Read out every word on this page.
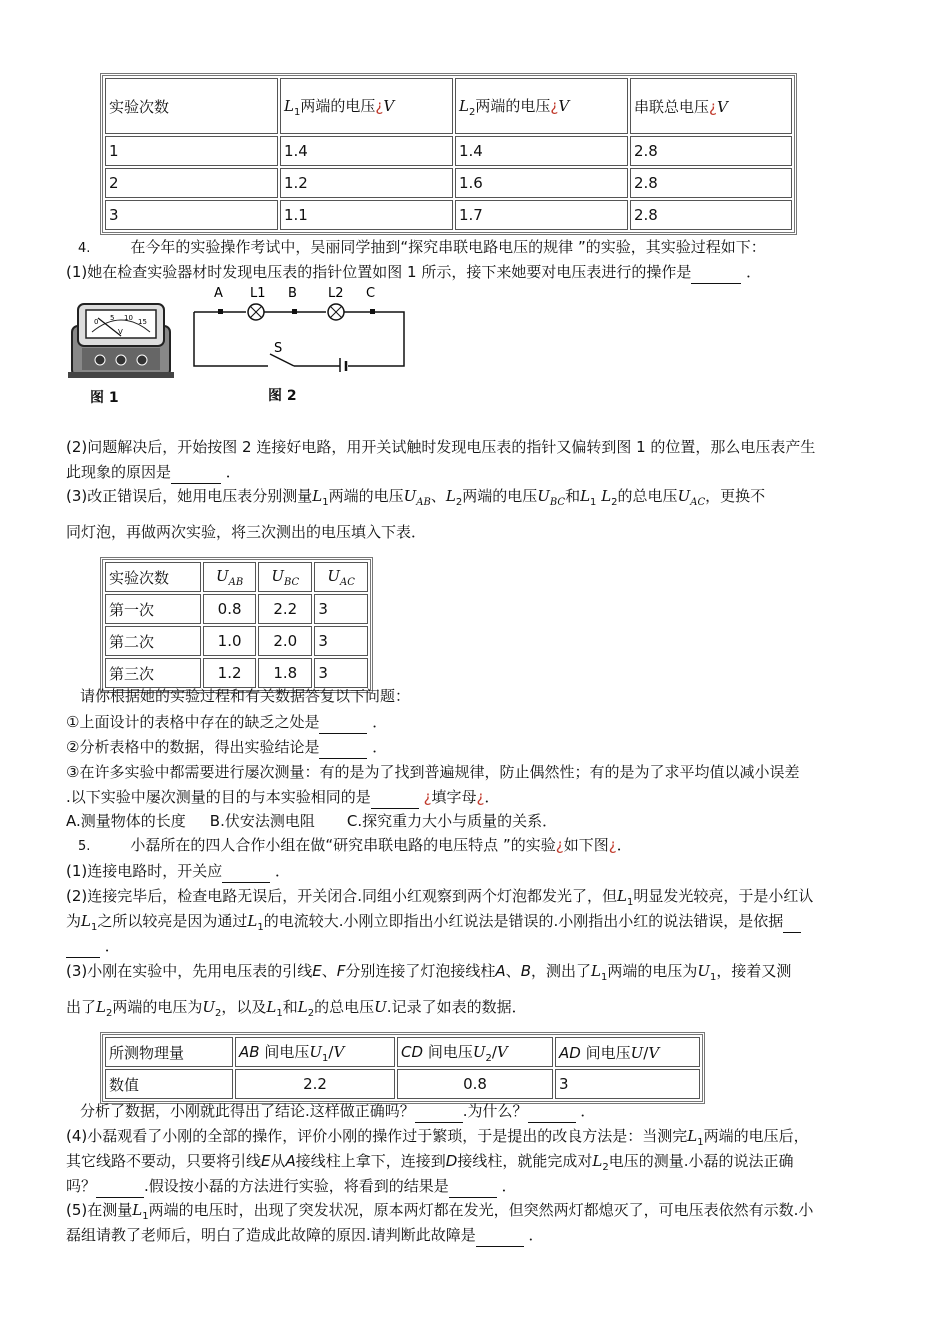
实验次数	$L_1$两端的电压¿V	$L_2$两端的电压¿V	串联总电压¿V
1	1.4	1.4	2.8
2	1.2	1.6	2.8
3	1.1	1.7	2.8
4.	在今年的实验操作考试中，吴丽同学抽到“探究串联电路电压的规律 ”的实验，其实验过程如下：
(1)她在检查实验器材时发现电压表的指针位置如图 1 所示，接下来她要对电压表进行的操作是	．
0 5 10 15
V
图 1
A L1 B L2 C
S
图 2
(2)问题解决后，开始按图 2 连接好电路，用开关试触时发现电压表的指针又偏转到图 1 的位置，那么电压表产生
此现象的原因是	．
(3)改正错误后，她用电压表分别测量$L_1$两端的电压$U_{AB}$、$L_2$两端的电压$U_{BC}$和$L_1$ $L_2$的总电压$U_{AC}$，更换不
同灯泡，再做两次实验，将三次测出的电压填入下表．
实验次数	$U_{AB}$	$U_{BC}$	$U_{AC}$
第一次	0.8	2.2	3
第二次	1.0	2.0	3
第三次	1.2	1.8	3
请你根据她的实验过程和有关数据答复以下问题：
①上面设计的表格中存在的缺乏之处是	．
②分析表格中的数据，得出实验结论是	．
③在许多实验中都需要进行屡次测量：有的是为了找到普遍规律，防止偶然性；有的是为了求平均值以减小误差
.以下实验中屡次测量的目的与本实验相同的是	¿填字母¿．
A.测量物体的长度 B.伏安法测电阻 C.探究重力大小与质量的关系．
5.	小磊所在的四人合作小组在做“研究串联电路的电压特点 ”的实验¿如下图¿．
(1)连接电路时，开关应	．
(2)连接完毕后，检查电路无误后，开关闭合.同组小红观察到两个灯泡都发光了，但$L_1$明显发光较亮，于是小红认
为$L_1$之所以较亮是因为通过$L_1$的电流较大.小刚立即指出小红说法是错误的.小刚指出小红的说法错误，是依据
．
(3)小刚在实验中，先用电压表的引线E、F分别连接了灯泡接线柱A、B，测出了$L_1$两端的电压为$U_1$，接着又测
出了$L_2$两端的电压为$U_2$，以及$L_1$和$L_2$的总电压U.记录了如表的数据．
所测物理量	AB 间电压$U_1/V$	CD 间电压$U_2/V$	AD 间电压U/V
数值	2.2	0.8	3
分析了数据，小刚就此得出了结论.这样做正确吗？	.为什么？	．
(4)小磊观看了小刚的全部的操作，评价小刚的操作过于繁琐，于是提出的改良方法是：当测完$L_1$两端的电压后，
其它线路不要动，只要将引线E从A接线柱上拿下，连接到D接线柱，就能完成对$L_2$电压的测量.小磊的说法正确
吗？	.假设按小磊的方法进行实验，将看到的结果是	．
(5)在测量$L_1$两端的电压时，出现了突发状况，原本两灯都在发光，但突然两灯都熄灭了，可电压表依然有示数.小
磊组请教了老师后，明白了造成此故障的原因.请判断此故障是	．
